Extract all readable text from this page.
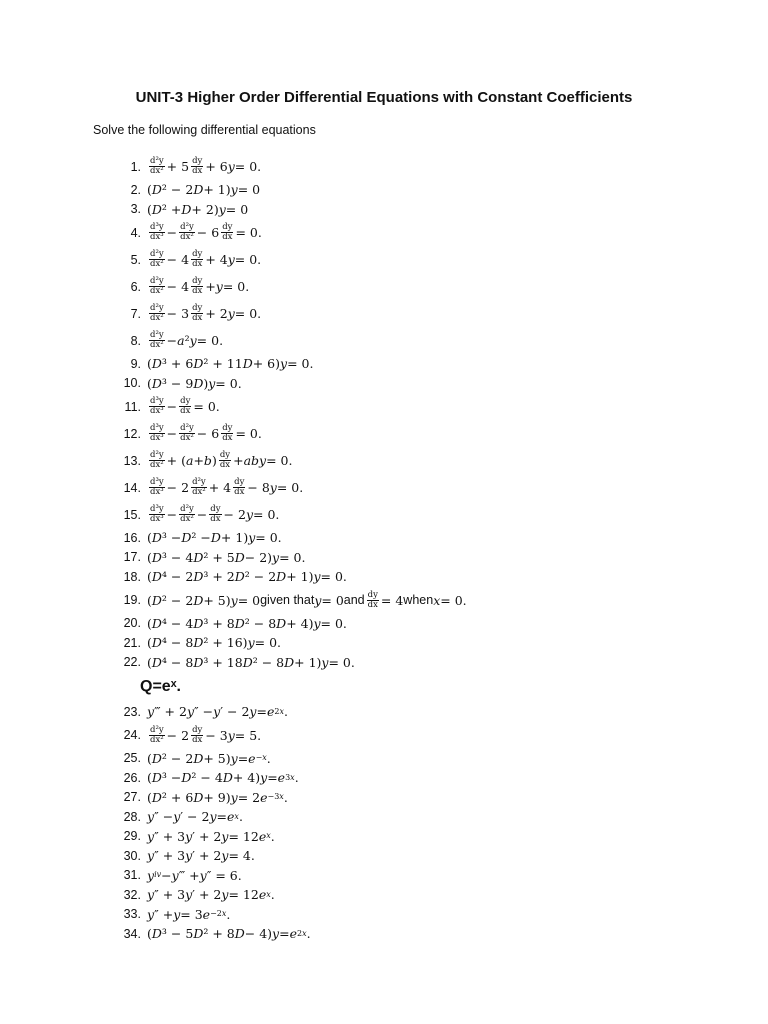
UNIT-3 Higher Order Differential Equations with Constant Coefficients
Solve the following differential equations
1. $\frac{\text{d²y}}{\text{dx²}} + 5 \frac{dy}{dx} + 6$ y = 0.
2. ( D ² − 2 D + 1) y = 0
3. ( D ² + D + 2) y = 0
4. $\frac{\text{d³y}}{\text{dx³}} - \frac{\text{d²y}}{\text{dx²}} - 6 \frac{dy}{dx} = 0$.
5. $\frac{\text{d²y}}{\text{dx²}} - 4 \frac{dy}{dx} + 4$ y = 0.
6. $\frac{\text{d²y}}{\text{dx²}} - 4 \frac{dy}{dx} + y = 0$.
7. $\frac{\text{d²y}}{\text{dx²}} - 3 \frac{dy}{dx} + 2$ y = 0.
8. $\frac{\text{d²y}}{\text{dx²}} - a$ ² y = 0.
9. ( D ³ + 6 D ² + 11 D + 6) y = 0.
10. ( D ³ − 9 D ) y = 0.
11. $\frac{\text{d³y}}{\text{dx³}} - \frac{dy}{dx} = 0$.
12. $\frac{\text{d³y}}{\text{dx³}} - \frac{\text{d²y}}{\text{dx²}} - 6 \frac{dy}{dx} = 0$.
13. $\frac{\text{d²y}}{\text{dx²}}$ + ( a + b ) $\frac{dy}{dx}$ + aby = 0.
14. $\frac{\text{d³y}}{\text{dx³}} - 2 \frac{\text{d²y}}{\text{dx²}} + 4 \frac{dy}{dx} - 8$ y = 0.
15. $\frac{\text{d³y}}{\text{dx³}} - \frac{\text{d²y}}{\text{dx²}} - \frac{dy}{dx} - 2$ y = 0.
16. ( D ³ − D ² − D + 1) y = 0.
17. ( D ³ − 4 D ² + 5 D − 2) y = 0.
18. ( D ⁴ − 2 D ³ + 2 D ² − 2 D + 1) y = 0.
19. ( D ² − 2 D + 5) y = 0 given that y = 0 and $\frac{dy}{dx} = 4$ when x = 0.
20. ( D ⁴ − 4 D ³ + 8 D ² − 8 D + 4) y = 0.
21. ( D ⁴ − 8 D ² + 16) y = 0.
22. ( D ⁴ − 8 D ³ + 18 D ² − 8 D + 1) y = 0.
Q=eˣ.
23. y ‴ + 2 y ″ − y ′ − 2 y = e 2x .
24. $\frac{\text{d²y}}{\text{dx²}} - 2 \frac{dy}{dx} - 3$ y = 5.
25. ( D ² − 2 D + 5) y = e −x .
26. ( D ³ − D ² − 4 D + 4) y = e 3x .
27. ( D ² + 6 D + 9) y = 2 e −3x .
28. y ″ − y ′ − 2 y = e x .
29. y ″ + 3 y ′ + 2 y = 12 e x .
30. y ″ + 3 y ′ + 2 y = 4.
31. y iv − y ‴ + y ″ = 6.
32. y ″ + 3 y ′ + 2 y = 12 e x .
33. y ″ + y = 3 e −2x .
34. ( D ³ − 5 D ² + 8 D − 4) y = e 2x .
